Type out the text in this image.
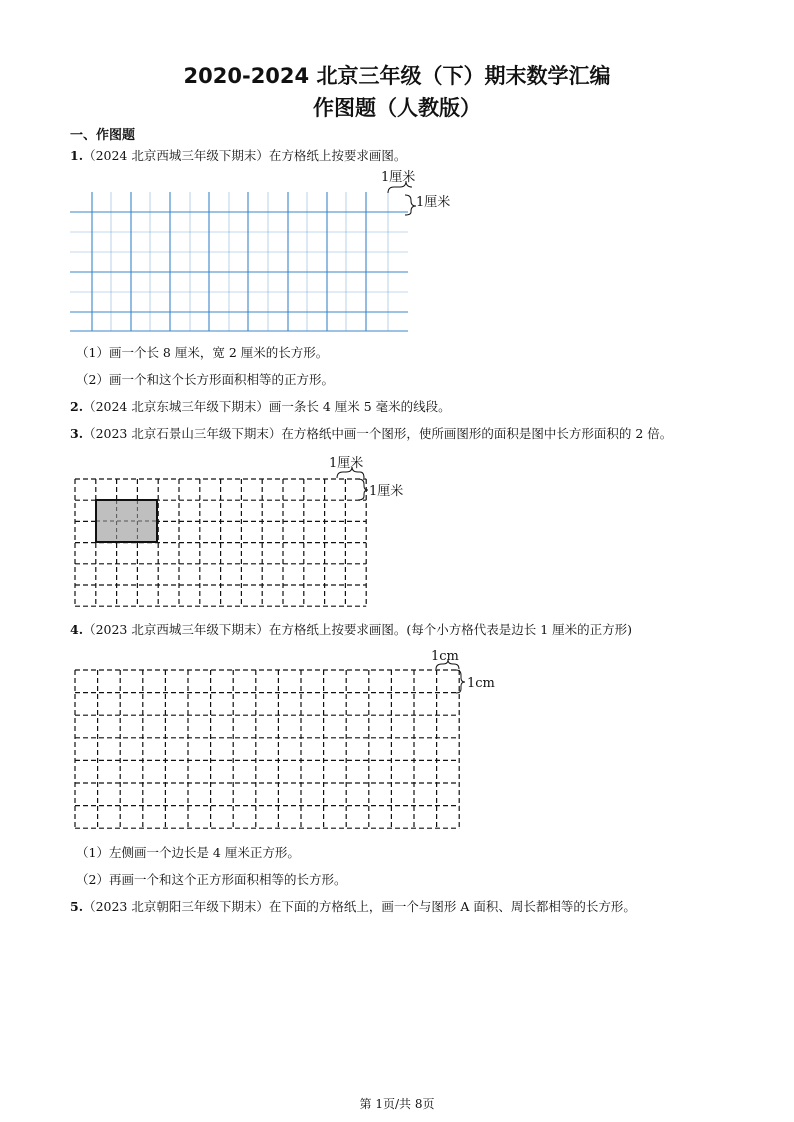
2020-2024 北京三年级（下）期末数学汇编
作图题（人教版）
一、作图题
1.（2024 北京西城三年级下期末）在方格纸上按要求画图。
1厘米
1厘米
1厘米
1厘米
1cm
1cm
（1）画一个长 8 厘米，宽 2 厘米的长方形。
（2）画一个和这个长方形面积相等的正方形。
2.（2024 北京东城三年级下期末）画一条长 4 厘米 5 毫米的线段。
3.（2023 北京石景山三年级下期末）在方格纸中画一个图形，使所画图形的面积是图中长方形面积的 2 倍。
4.（2023 北京西城三年级下期末）在方格纸上按要求画图。(每个小方格代表是边长 1 厘米的正方形)
（1）左侧画一个边长是 4 厘米正方形。
（2）再画一个和这个正方形面积相等的长方形。
5.（2023 北京朝阳三年级下期末）在下面的方格纸上，画一个与图形 A 面积、周长都相等的长方形。
第 1页/共 8页
